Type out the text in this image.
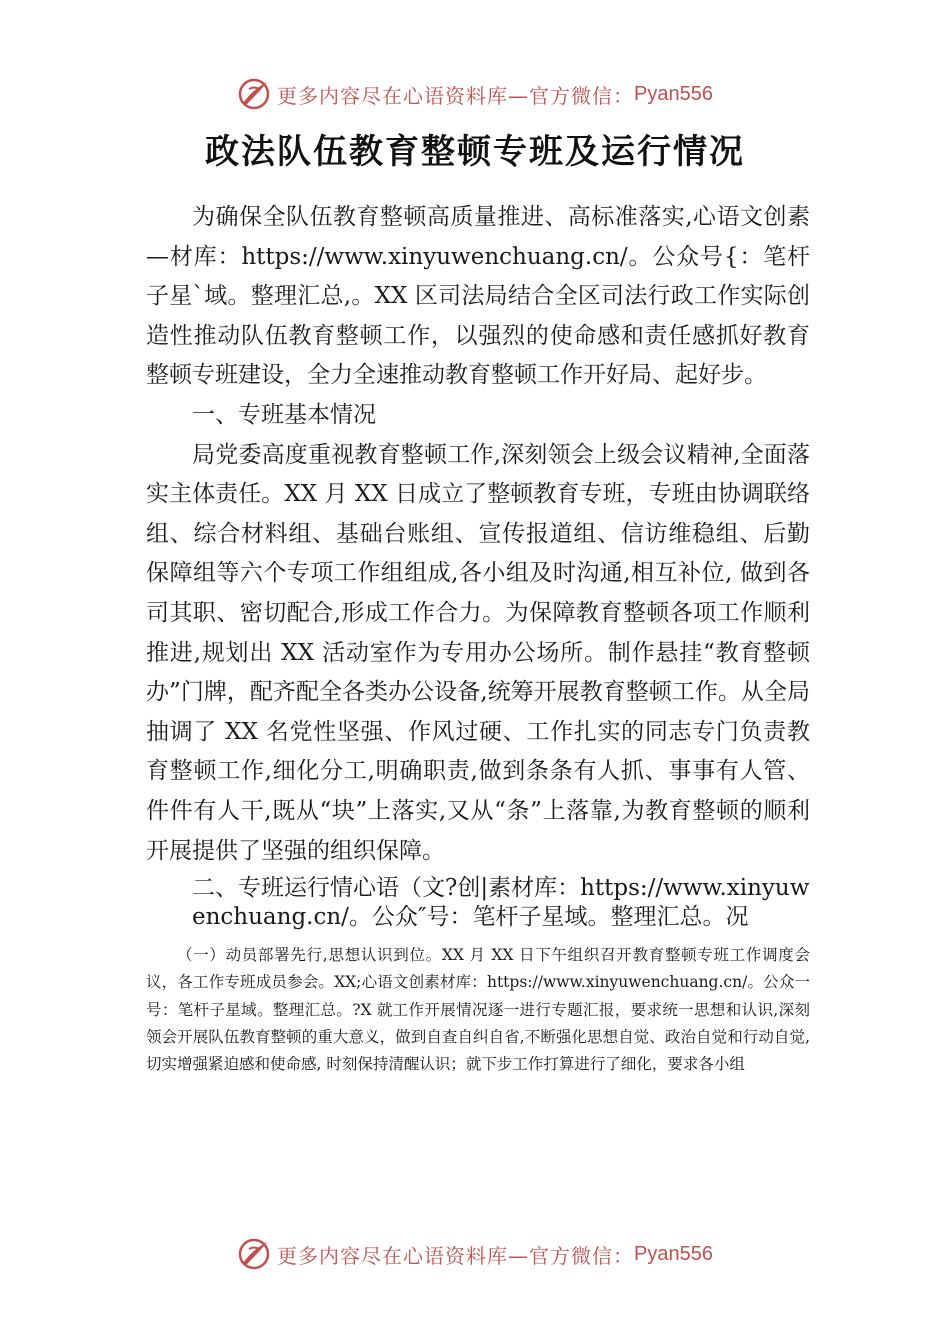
更多内容尽在心语资料库—官方微信： Pyan556
政法队伍教育整顿专班及运行情况

为确保全队伍教育整顿高质量推进、高标准落实,心语文创素—材库：https://www.xinyuwenchuang.cn/。公众号{：笔杆子星`域。整理汇总,。XX 区司法局结合全区司法行政工作实际创造性推动队伍教育整顿工作，以强烈的使命感和责任感抓好教育整顿专班建设，全力全速推动教育整顿工作开好局、起好步。

一、专班基本情况

局党委高度重视教育整顿工作,深刻领会上级会议精神,全面落实主体责任。XX 月 XX 日成立了整顿教育专班，专班由协调联络组、综合材料组、基础台账组、宣传报道组、信访维稳组、后勤保障组等六个专项工作组组成,各小组及时沟通,相互补位, 做到各司其职、密切配合,形成工作合力。为保障教育整顿各项工作顺利推进,规划出 XX 活动室作为专用办公场所。制作悬挂“教育整顿办”门牌，配齐配全各类办公设备,统筹开展教育整顿工作。从全局抽调了 XX 名党性坚强、作风过硬、工作扎实的同志专门负责教育整顿工作,细化分工,明确职责,做到条条有人抓、事事有人管、件件有人干,既从“块”上落实,又从“条”上落靠,为教育整顿的顺利开展提供了坚强的组织保障。

二、专班运行情心语（文?创|素材库：https://www.xinyuwenchuang.cn/。公众″号：笔杆子星域。整理汇总。况

（一）动员部署先行,思想认识到位。XX 月 XX 日下午组织召开教育整顿专班工作调度会议，各工作专班成员参会。XX;心语文创素材库：https://www.xinyuwenchuang.cn/。公众一号：笔杆子星域。整理汇总。?X 就工作开展情况逐一进行专题汇报，要求统一思想和认识,深刻领会开展队伍教育整顿的重大意义，做到自查自纠自省,不断强化思想自觉、政治自觉和行动自觉,切实增强紧迫感和使命感, 时刻保持清醒认识；就下步工作打算进行了细化，要求各小组

更多内容尽在心语资料库—官方微信： Pyan556
